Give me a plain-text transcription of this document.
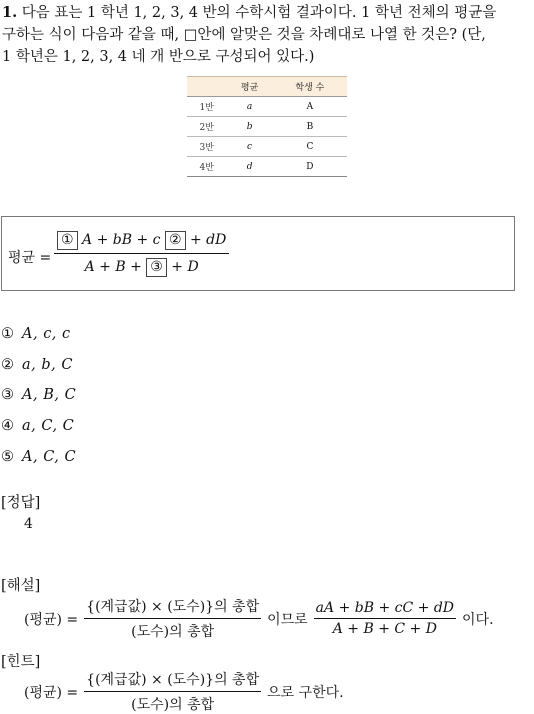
1. 다음 표는 1 학년 1, 2, 3, 4 반의 수학시험 결과이다. 1 학년 전체의 평균을
구하는 식이 다음과 같을 때, □안에 알맞은 것을 차례대로 나열 한 것은? (단,
1 학년은 1, 2, 3, 4 네 개 반으로 구성되어 있다.)
	평균	학생 수
1반	a	A
2반	b	B
3반	c	C
4반	d	D
평균 = $\frac{\text{① A + bB + c ② + dD}}{\text{A + B + ③ + D}}$
① A, c, c
② a, b, C
③ A, B, C
④ a, C, C
⑤ A, C, C
[정답]
4
[해설]
(평균) = $\frac{\text{\{(계급값) × (도수)\}의 총합}}{\text{(도수)의 총합}}$ 이므로 $\frac{aA + bB + cC + dD}{A + B + C + D}$ 이다.
[힌트]
(평균) = $\frac{\text{\{(계급값) × (도수)\}의 총합}}{\text{(도수)의 총합}}$ 으로 구한다.
